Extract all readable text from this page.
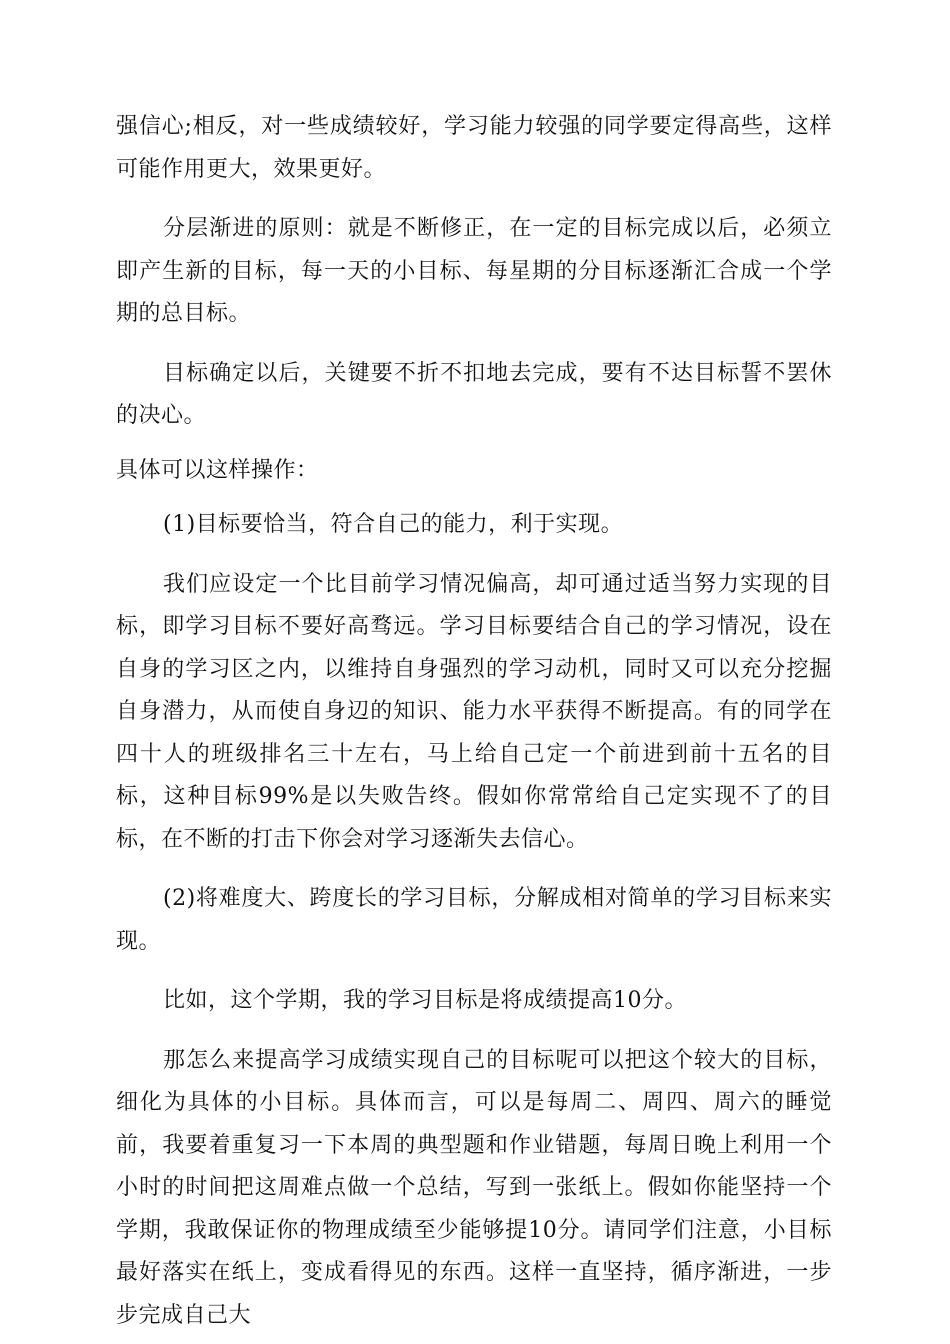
强信心;相反，对一些成绩较好，学习能力较强的同学要定得高些，这样可能作用更大，效果更好。

分层渐进的原则：就是不断修正，在一定的目标完成以后，必须立即产生新的目标，每一天的小目标、每星期的分目标逐渐汇合成一个学期的总目标。

目标确定以后，关键要不折不扣地去完成，要有不达目标誓不罢休的决心。

具体可以这样操作：

(1)目标要恰当，符合自己的能力，利于实现。

我们应设定一个比目前学习情况偏高，却可通过适当努力实现的目标，即学习目标不要好高骛远。学习目标要结合自己的学习情况，设在自身的学习区之内，以维持自身强烈的学习动机，同时又可以充分挖掘自身潜力，从而使自身辺的知识、能力水平获得不断提高。有的同学在四十人的班级排名三十左右，马上给自己定一个前进到前十五名的目标，这种目标99%是以失败告终。假如你常常给自己定实现不了的目标，在不断的打击下你会对学习逐渐失去信心。

(2)将难度大、跨度长的学习目标，分解成相对简单的学习目标来实现。

比如，这个学期，我的学习目标是将成绩提高10分。

那怎么来提高学习成绩实现自己的目标呢可以把这个较大的目标，细化为具体的小目标。具体而言，可以是每周二、周四、周六的睡觉前，我要着重复习一下本周的典型题和作业错题，每周日晚上利用一个小时的时间把这周难点做一个总结，写到一张纸上。假如你能坚持一个学期，我敢保证你的物理成绩至少能够提10分。请同学们注意，小目标最好落实在纸上，变成看得见的东西。这样一直坚持，循序渐进，一步步完成自己大
